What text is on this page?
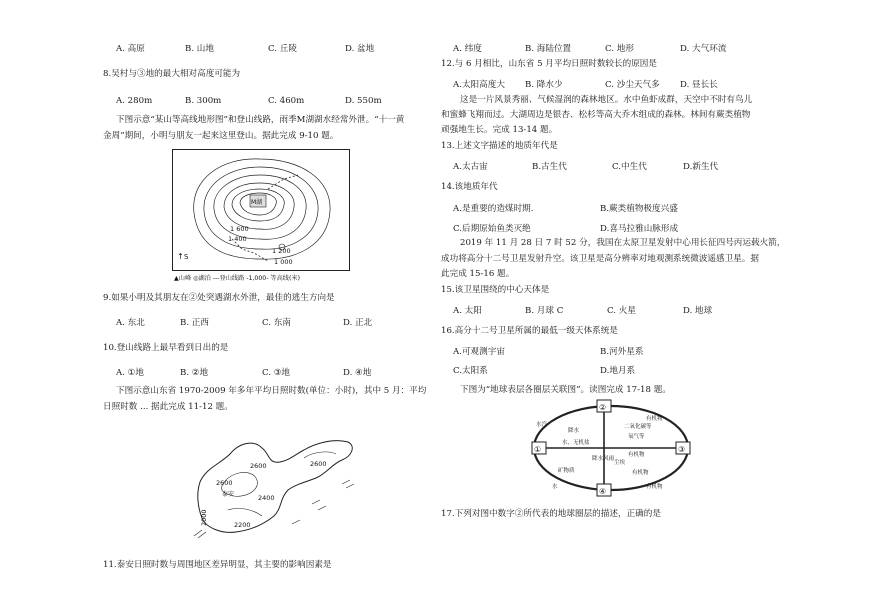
A. 高原	B. 山地	C. 丘陵	D. 盆地
8.吴村与③地的最大相对高度可能为
A. 280m	B. 300m	C. 460m	D. 550m
下图示意“某山等高线地形图”和登山线路，雨季M湖湖水经常外泄。“十一黄
金周”期间，小明与朋友一起来这里登山。据此完成 9-10 题。
1 600
1 400
1 200
1 000
M湖
↑ S
▲山峰 ◎湖泊 ---登山线路 -1,000- 等高线(米)
9.如果小明及其朋友在②处突遇湖水外泄，最佳的逃生方向是
A. 东北	B. 正西	C. 东南	D. 正北
10.登山线路上最早看到日出的是
A. ①地	B. ②地	C. ③地	D. ④地
下图示意山东省 1970-2009 年多年平均日照时数(单位：小时)，其中 5 月：平均
日照时数 ... 据此完成 11-12 题。
2600	2600
2600
泰安	2400
2200
2000
11.泰安日照时数与周围地区差异明显，其主要的影响因素是
A. 纬度	B. 海陆位置	C. 地形	D. 大气环流
12.与 6 月相比，山东省 5 月平均日照时数较长的原因是
A.太阳高度大 B. 降水少	C. 沙尘天气多 D. 昼长长
这是一片风景秀丽、气候湿润的森林地区。水中鱼虾成群，天空中不时有鸟儿
和蜜蜂飞翔而过。大湖周边是银杏、松杉等高大乔木组成的森林。林间有蕨类植物
顽强地生长。完成 13-14 题。
13.上述文字描述的地质年代是
A.太古宙	B.古生代	C.中生代	D.新生代
14.该地质年代
A.是重要的造煤时期.	B.蕨类植物极度兴盛
C.后期原始鱼类灭绝	D.喜马拉雅山脉形成
2019 年 11 月 28 日 7 时 52 分，我国在太原卫星发射中心用长征四号丙运载火箭，
成功将高分十二号卫星发射升空。该卫星是高分辨率对地观测系统微波遥感卫星。据
此完成 15-16 题。
15.该卫星围绕的中心天体是
A. 太阳	B. 月球 C	C. 火星	D. 地球
16.高分十二号卫星所属的最低一级天体系统是
A.可观测宇宙	B.河外星系
C.太阳系	D.地月系
下图为“地球表层各圈层关联图”。读图完成 17-18 题。
①
②
③
④
水、无机盐
降水
有机物
有机物
矿物质
水
降水风雨
尘埃
水汽
有机物
二氧化碳等
氧气等
有机物
17.下列对图中数字②所代表的地球圈层的描述，正确的是
